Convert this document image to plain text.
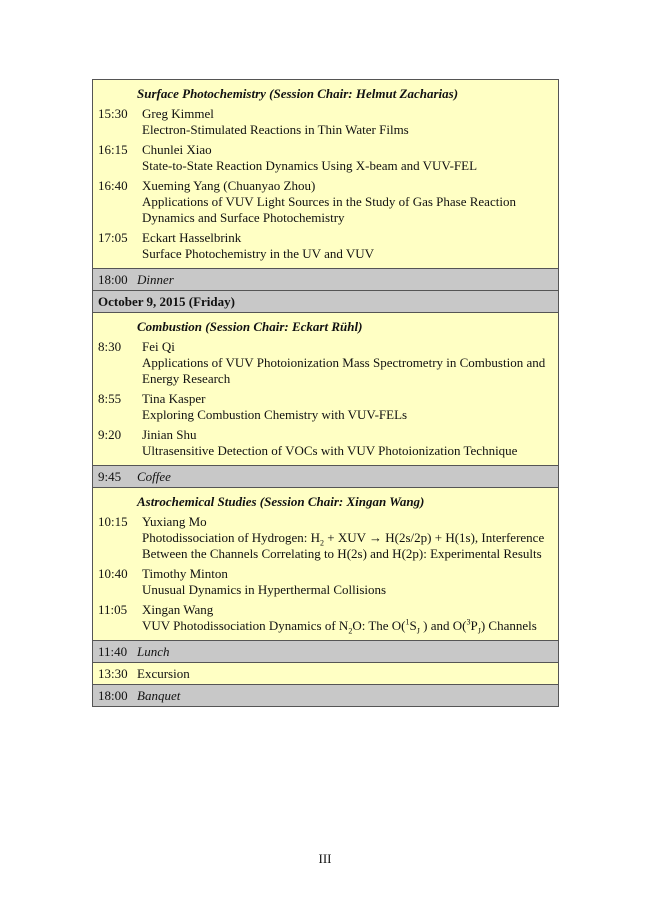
Surface Photochemistry (Session Chair: Helmut Zacharias)
15:30	Greg Kimmel
Electron-Stimulated Reactions in Thin Water Films
16:15	Chunlei Xiao
State-to-State Reaction Dynamics Using X-beam and VUV-FEL
16:40	Xueming Yang (Chuanyao Zhou)
Applications of VUV Light Sources in the Study of Gas Phase Reaction Dynamics and Surface Photochemistry
17:05	Eckart Hasselbrink
Surface Photochemistry in the UV and VUV
18:00 Dinner
October 9, 2015 (Friday)
Combustion (Session Chair: Eckart Rühl)
8:30	Fei Qi
Applications of VUV Photoionization Mass Spectrometry in Combustion and Energy Research
8:55	Tina Kasper
Exploring Combustion Chemistry with VUV-FELs
9:20	Jinian Shu
Ultrasensitive Detection of VOCs with VUV Photoionization Technique
9:45 Coffee
Astrochemical Studies (Session Chair: Xingan Wang)
10:15	Yuxiang Mo
Photodissociation of Hydrogen: $H_2$ + XUV → H(2s/2p) + H(1s), Interference Between the Channels Correlating to H(2s) and H(2p): Experimental Results
10:40	Timothy Minton
Unusual Dynamics in Hyperthermal Collisions
11:05	Xingan Wang
VUV Photodissociation Dynamics of $N_2O$: The $O(^1S_J$ ) and $O(^3P_J)$ Channels
11:40 Lunch
13:30 Excursion
18:00 Banquet
III
